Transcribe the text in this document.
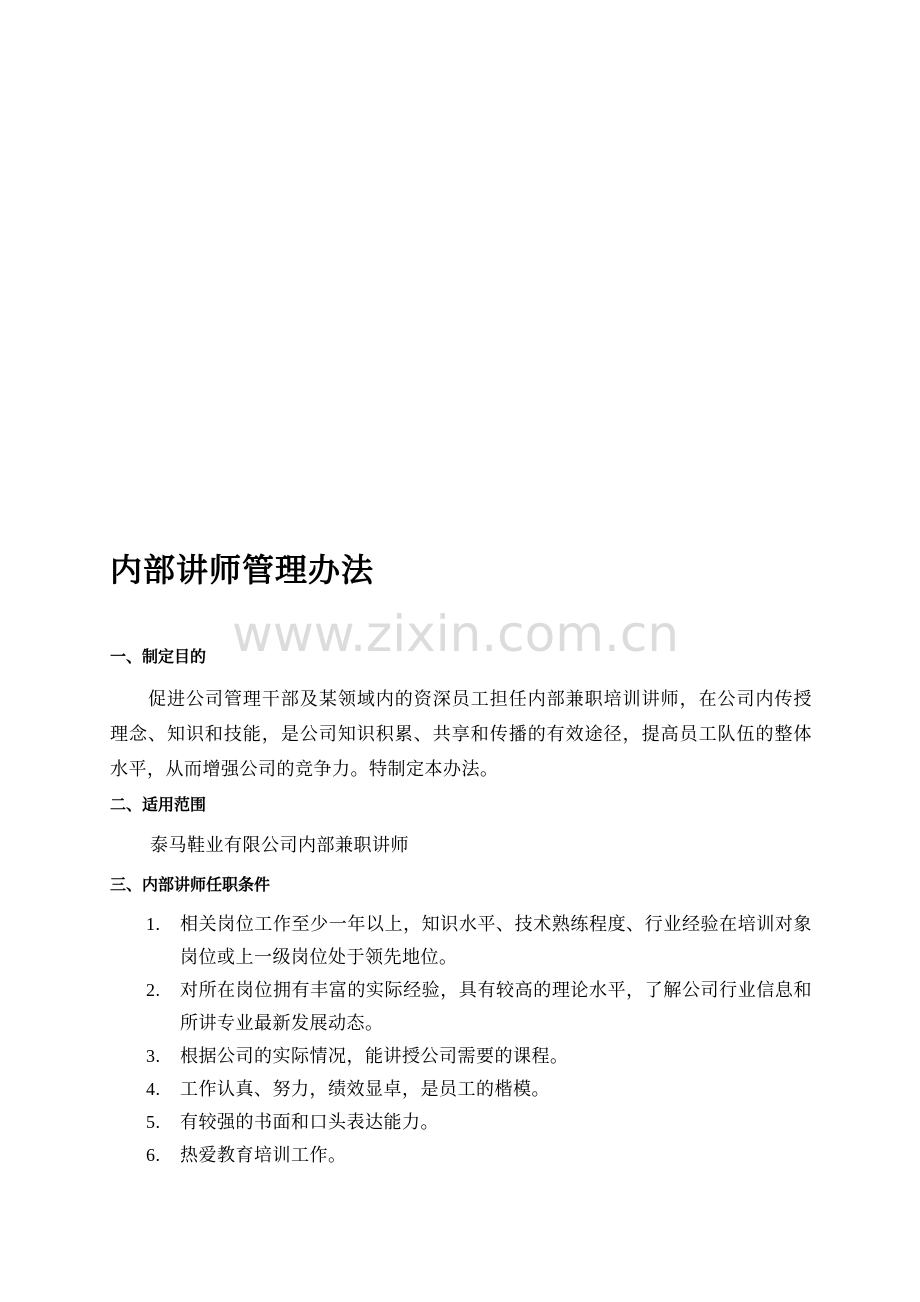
内部讲师管理办法
www.zixin.com.cn
一、制定目的

促进公司管理干部及某领域内的资深员工担任内部兼职培训讲师，在公司内传授理念、知识和技能，是公司知识积累、共享和传播的有效途径，提高员工队伍的整体水平，从而增强公司的竞争力。特制定本办法。

二、适用范围

泰马鞋业有限公司内部兼职讲师

三、内部讲师任职条件
1. 相关岗位工作至少一年以上，知识水平、技术熟练程度、行业经验在培训对象岗位或上一级岗位处于领先地位。
2. 对所在岗位拥有丰富的实际经验，具有较高的理论水平，了解公司行业信息和所讲专业最新发展动态。
3. 根据公司的实际情况，能讲授公司需要的课程。
4. 工作认真、努力，绩效显卓，是员工的楷模。
5. 有较强的书面和口头表达能力。
6. 热爱教育培训工作。
